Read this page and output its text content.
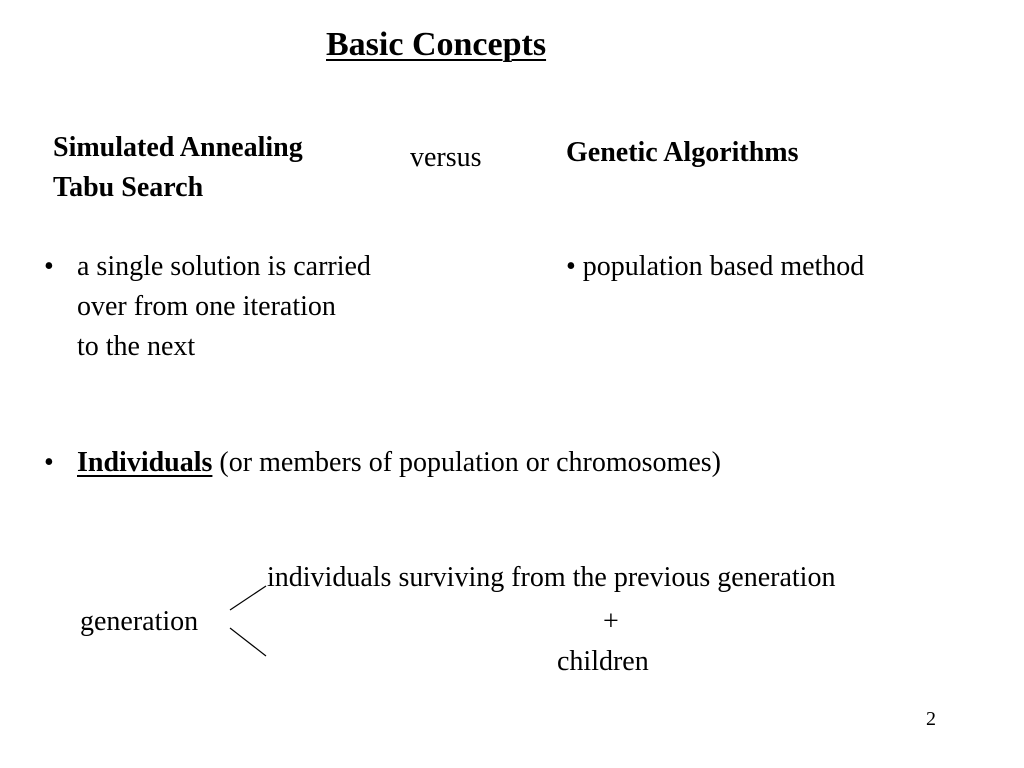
Basic Concepts
Simulated Annealing
Tabu Search
versus	Genetic Algorithms
• a single solution is carried
over from one iteration
to the next
• population based method
• Individuals (or members of population or chromosomes)
generation
individuals surviving from the previous generation
+
children
2
